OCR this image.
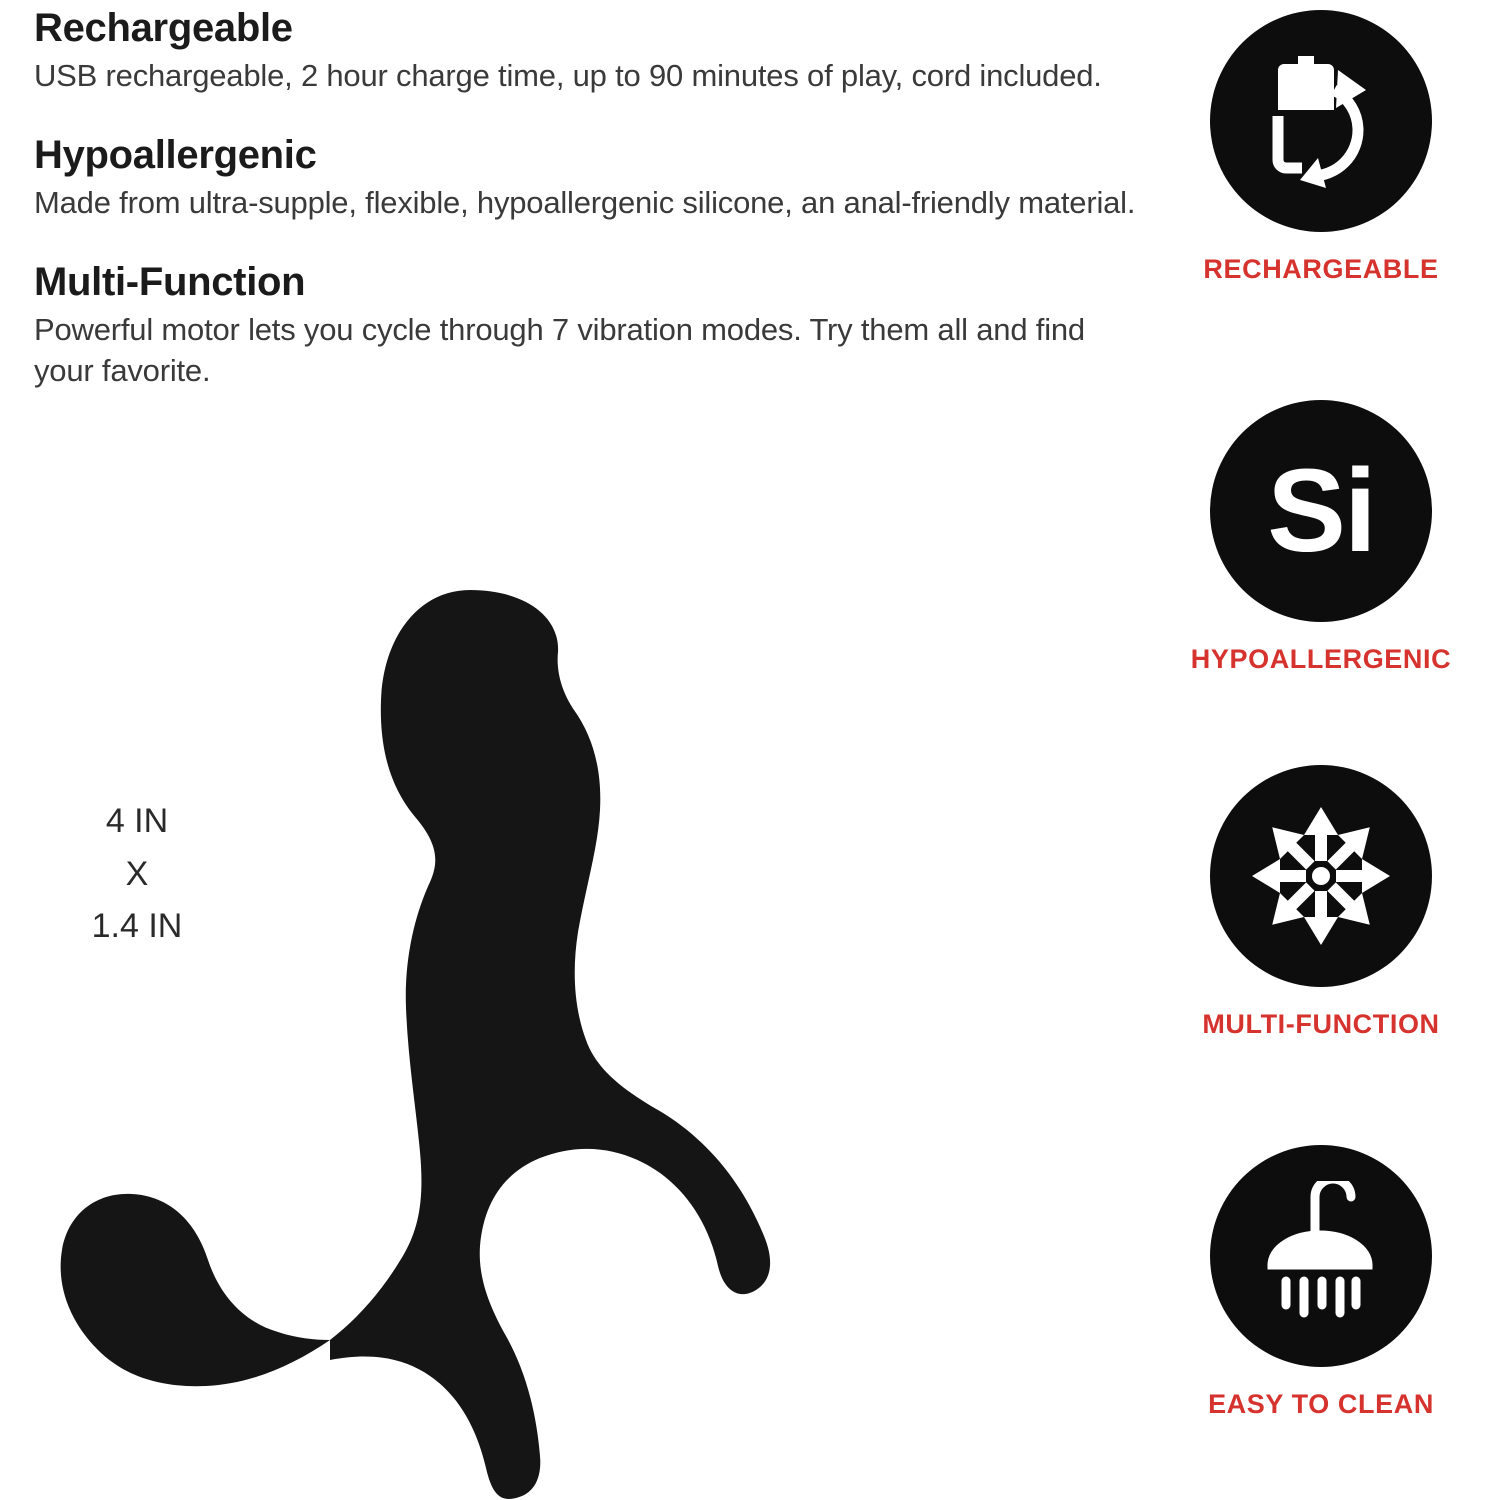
Rechargeable

USB rechargeable, 2 hour charge time, up to 90 minutes of play, cord included.

Hypoallergenic

Made from ultra-supple, flexible, hypoallergenic silicone, an anal-friendly material.

Multi-Function

Powerful motor lets you cycle through 7 vibration modes. Try them all and find your favorite.

4 IN
X
1.4 IN
RECHARGEABLE
Si
HYPOALLERGENIC
MULTI-FUNCTION
EASY TO CLEAN
